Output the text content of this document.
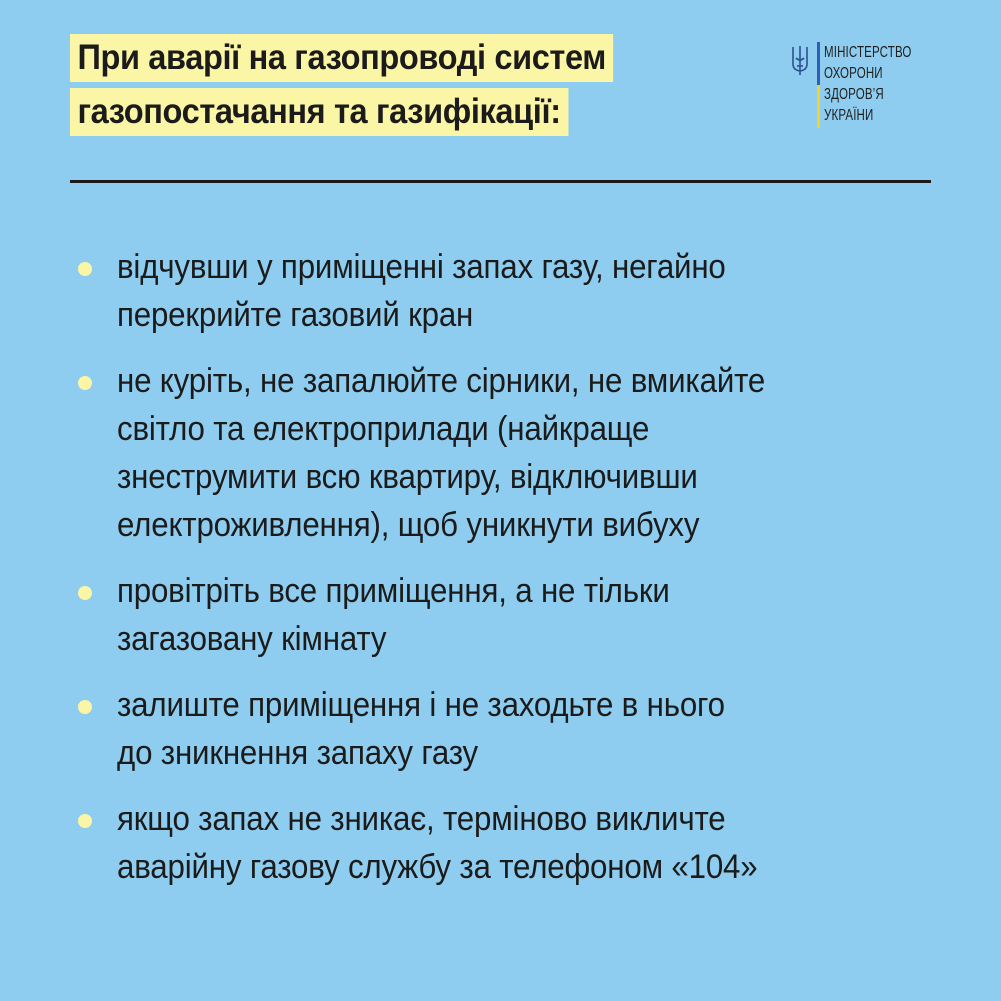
При аварії на газопроводі систем
газопостачання та газифікації:
МІНІСТЕРСТВО
ОХОРОНИ
ЗДОРОВ’Я
УКРАЇНИ
відчувши у приміщенні запах газу, негайно
перекрийте газовий кран
не куріть, не запалюйте сірники, не вмикайте
світло та електроприлади (найкраще
знеструмити всю квартиру, відключивши
електроживлення), щоб уникнути вибуху
провітріть все приміщення, а не тільки
загазовану кімнату
залиште приміщення і не заходьте в нього
до зникнення запаху газу
якщо запах не зникає, терміново викличте
аварійну газову службу за телефоном «104»
